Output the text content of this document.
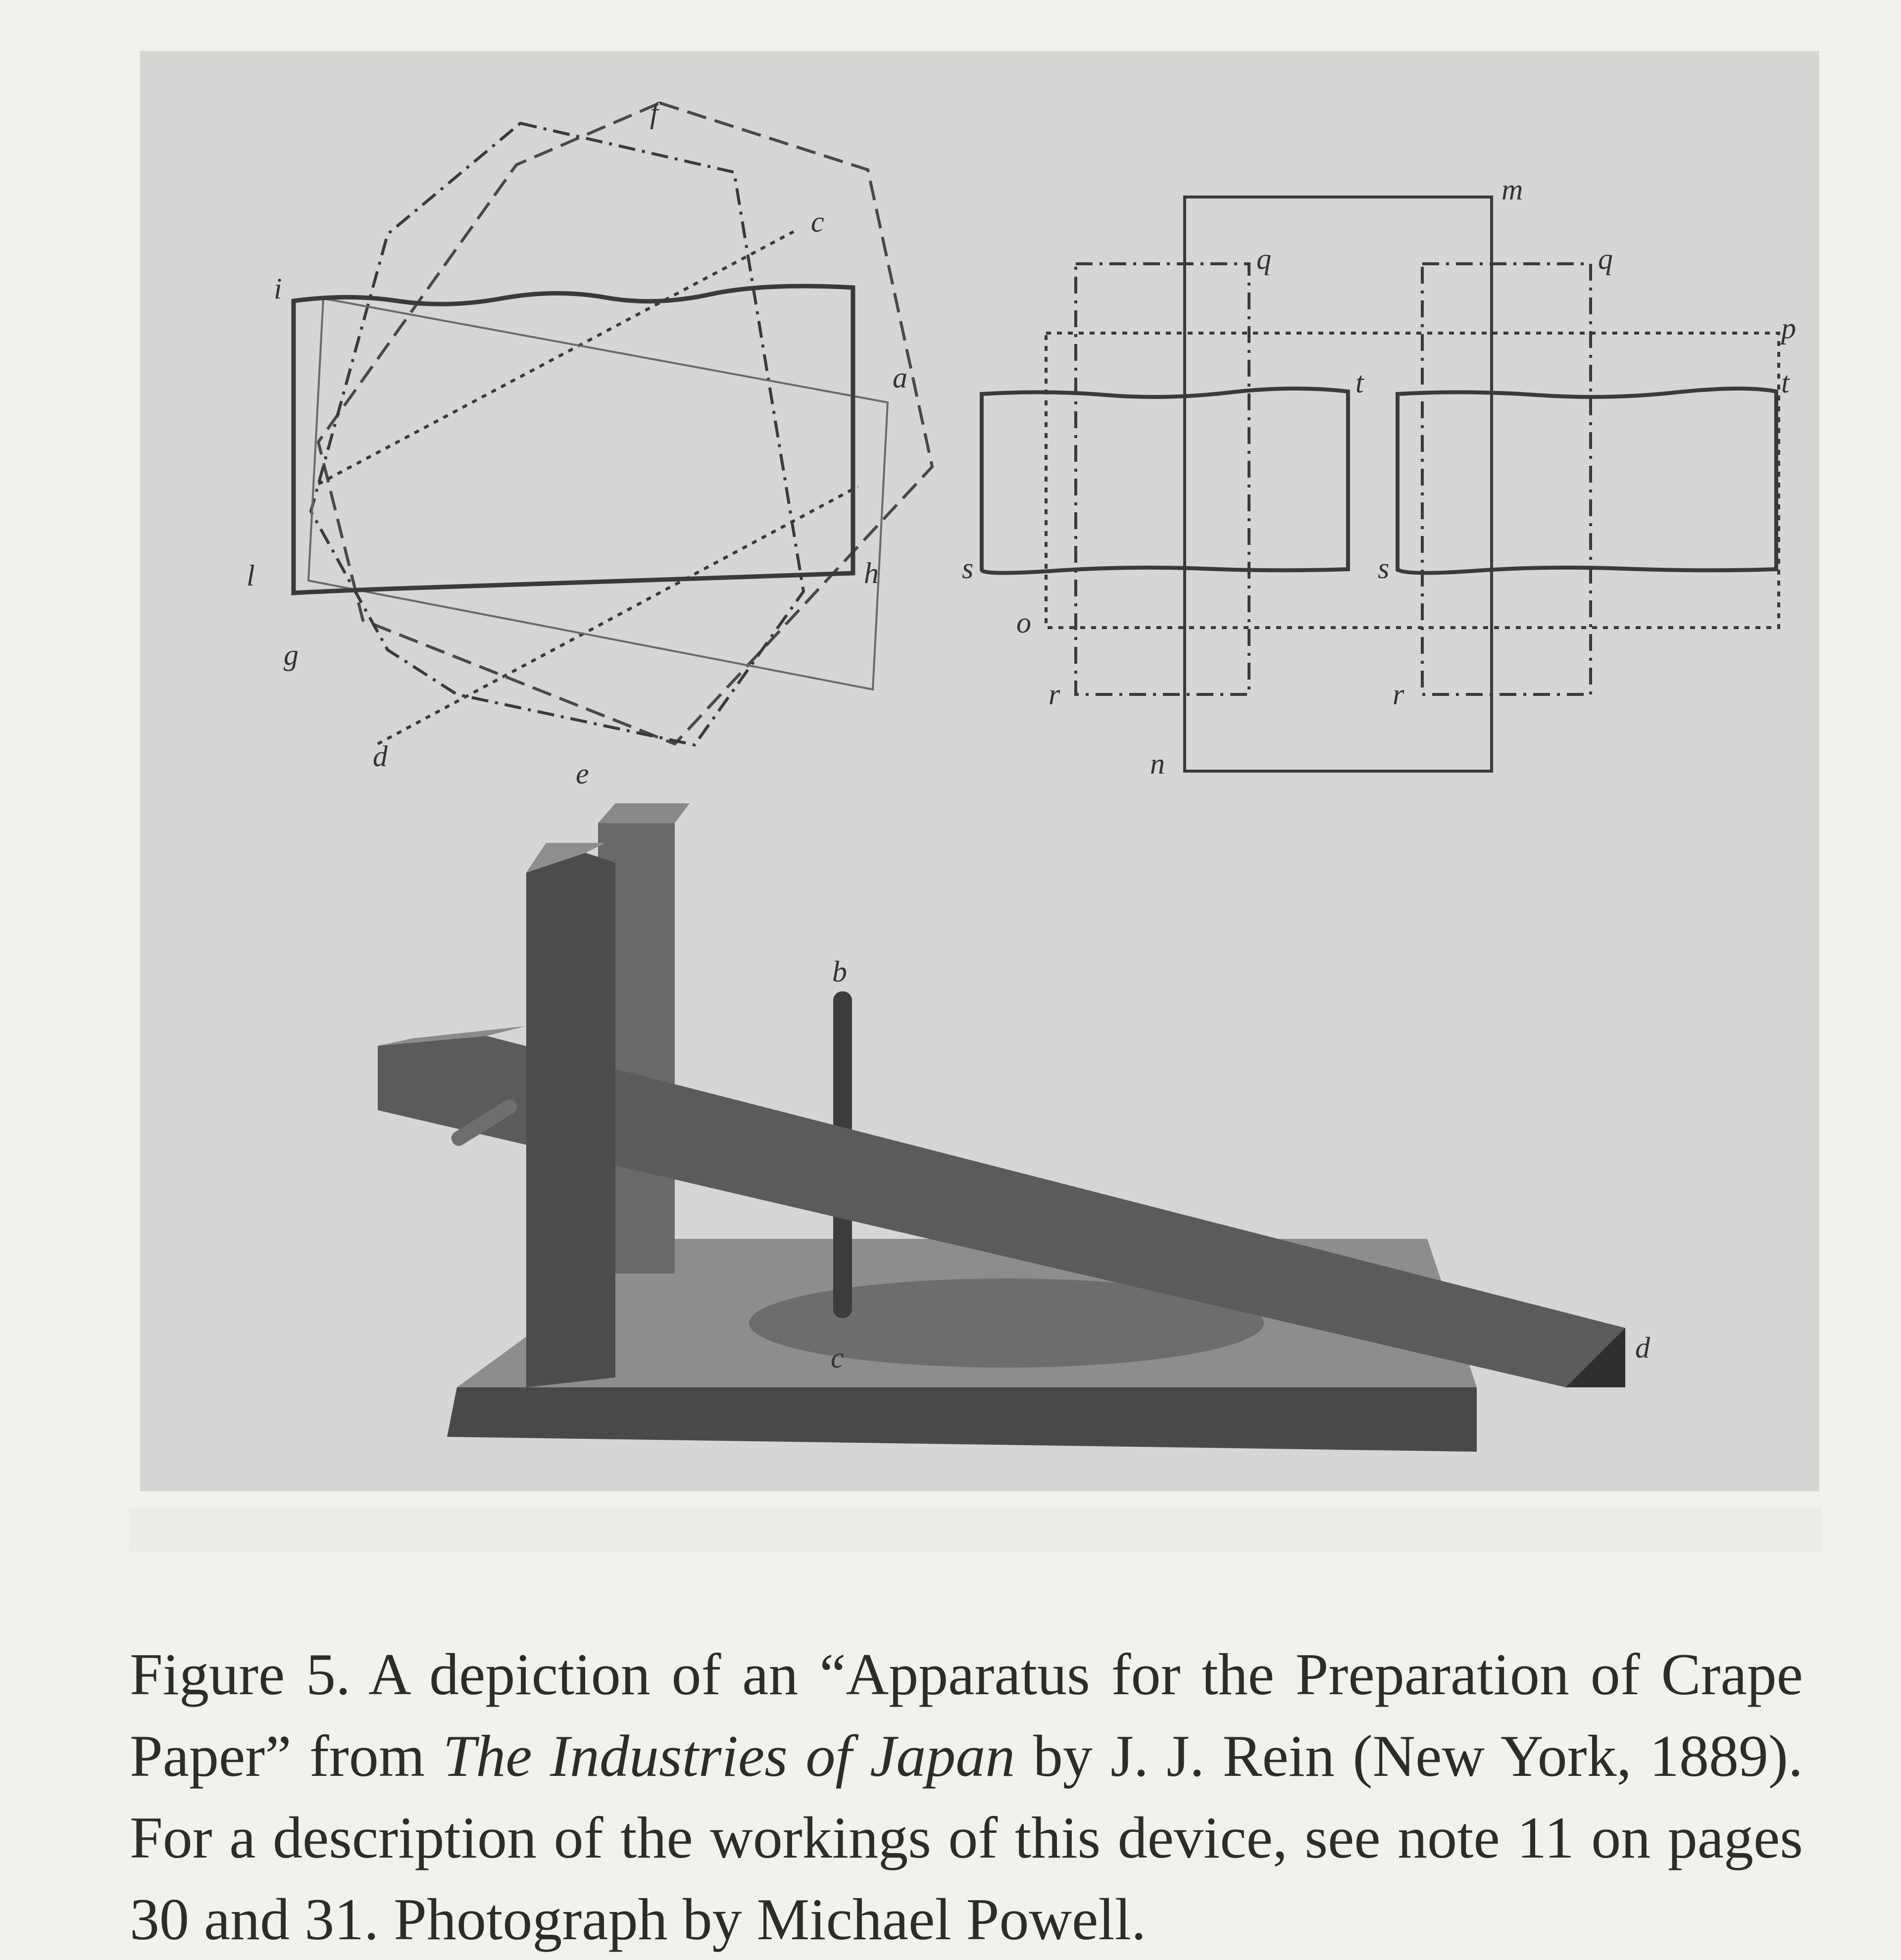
f
c
i
a
l	h
g
d
e
m
q	q
p
t	t
s	s
o
r	r
n
b
c	d

Figure 5. A depiction of an “Apparatus for the Preparation of Crape Paper” from The Industries of Japan by J. J. Rein (New York, 1889). For a description of the workings of this device, see note 11 on pages 30 and 31. Photograph by Michael Powell.
